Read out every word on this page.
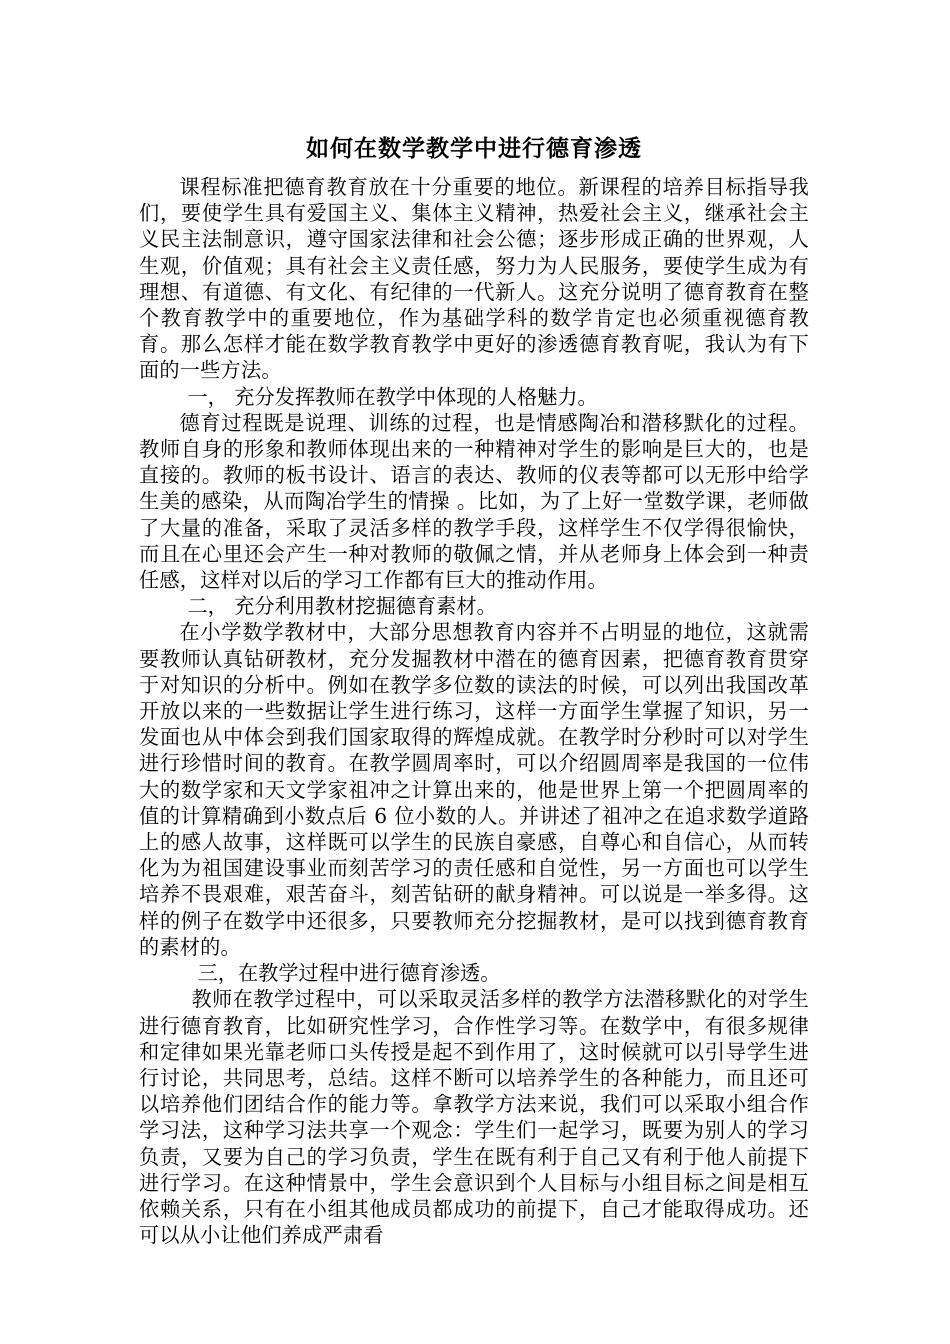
如何在数学教学中进行德育渗透

课程标准把德育教育放在十分重要的地位。新课程的培养目标指导我们，要使学生具有爱国主义、集体主义精神，热爱社会主义，继承社会主义民主法制意识，遵守国家法律和社会公德；逐步形成正确的世界观，人生观，价值观；具有社会主义责任感，努力为人民服务，要使学生成为有理想、有道德、有文化、有纪律的一代新人。这充分说明了德育教育在整个教育教学中的重要地位，作为基础学科的数学肯定也必须重视德育教育。那么怎样才能在数学教育教学中更好的渗透德育教育呢，我认为有下面的一些方法。

一， 充分发挥教师在教学中体现的人格魅力。

德育过程既是说理、训练的过程，也是情感陶冶和潜移默化的过程。教师自身的形象和教师体现出来的一种精神对学生的影响是巨大的，也是直接的。教师的板书设计、语言的表达、教师的仪表等都可以无形中给学生美的感染，从而陶冶学生的情操 。比如，为了上好一堂数学课，老师做了大量的准备，采取了灵活多样的教学手段，这样学生不仅学得很愉快，而且在心里还会产生一种对教师的敬佩之情，并从老师身上体会到一种责任感，这样对以后的学习工作都有巨大的推动作用。

二， 充分利用教材挖掘德育素材。

在小学数学教材中，大部分思想教育内容并不占明显的地位，这就需要教师认真钻研教材，充分发掘教材中潜在的德育因素，把德育教育贯穿于对知识的分析中。例如在教学多位数的读法的时候，可以列出我国改革开放以来的一些数据让学生进行练习，这样一方面学生掌握了知识，另一发面也从中体会到我们国家取得的辉煌成就。在教学时分秒时可以对学生进行珍惜时间的教育。在教学圆周率时，可以介绍圆周率是我国的一位伟大的数学家和天文学家祖冲之计算出来的，他是世界上第一个把圆周率的值的计算精确到小数点后 6 位小数的人。并讲述了祖冲之在追求数学道路上的感人故事，这样既可以学生的民族自豪感，自尊心和自信心，从而转化为为祖国建设事业而刻苦学习的责任感和自觉性，另一方面也可以学生培养不畏艰难，艰苦奋斗，刻苦钻研的献身精神。可以说是一举多得。这样的例子在数学中还很多，只要教师充分挖掘教材，是可以找到德育教育的素材的。

三，在教学过程中进行德育渗透。

教师在教学过程中，可以采取灵活多样的教学方法潜移默化的对学生进行德育教育，比如研究性学习，合作性学习等。在数学中，有很多规律和定律如果光靠老师口头传授是起不到作用了，这时候就可以引导学生进行讨论，共同思考，总结。这样不断可以培养学生的各种能力，而且还可以培养他们团结合作的能力等。拿教学方法来说，我们可以采取小组合作学习法，这种学习法共享一个观念：学生们一起学习，既要为别人的学习负责，又要为自己的学习负责，学生在既有利于自己又有利于他人前提下进行学习。在这种情景中，学生会意识到个人目标与小组目标之间是相互依赖关系，只有在小组其他成员都成功的前提下，自己才能取得成功。还可以从小让他们养成严肃看
